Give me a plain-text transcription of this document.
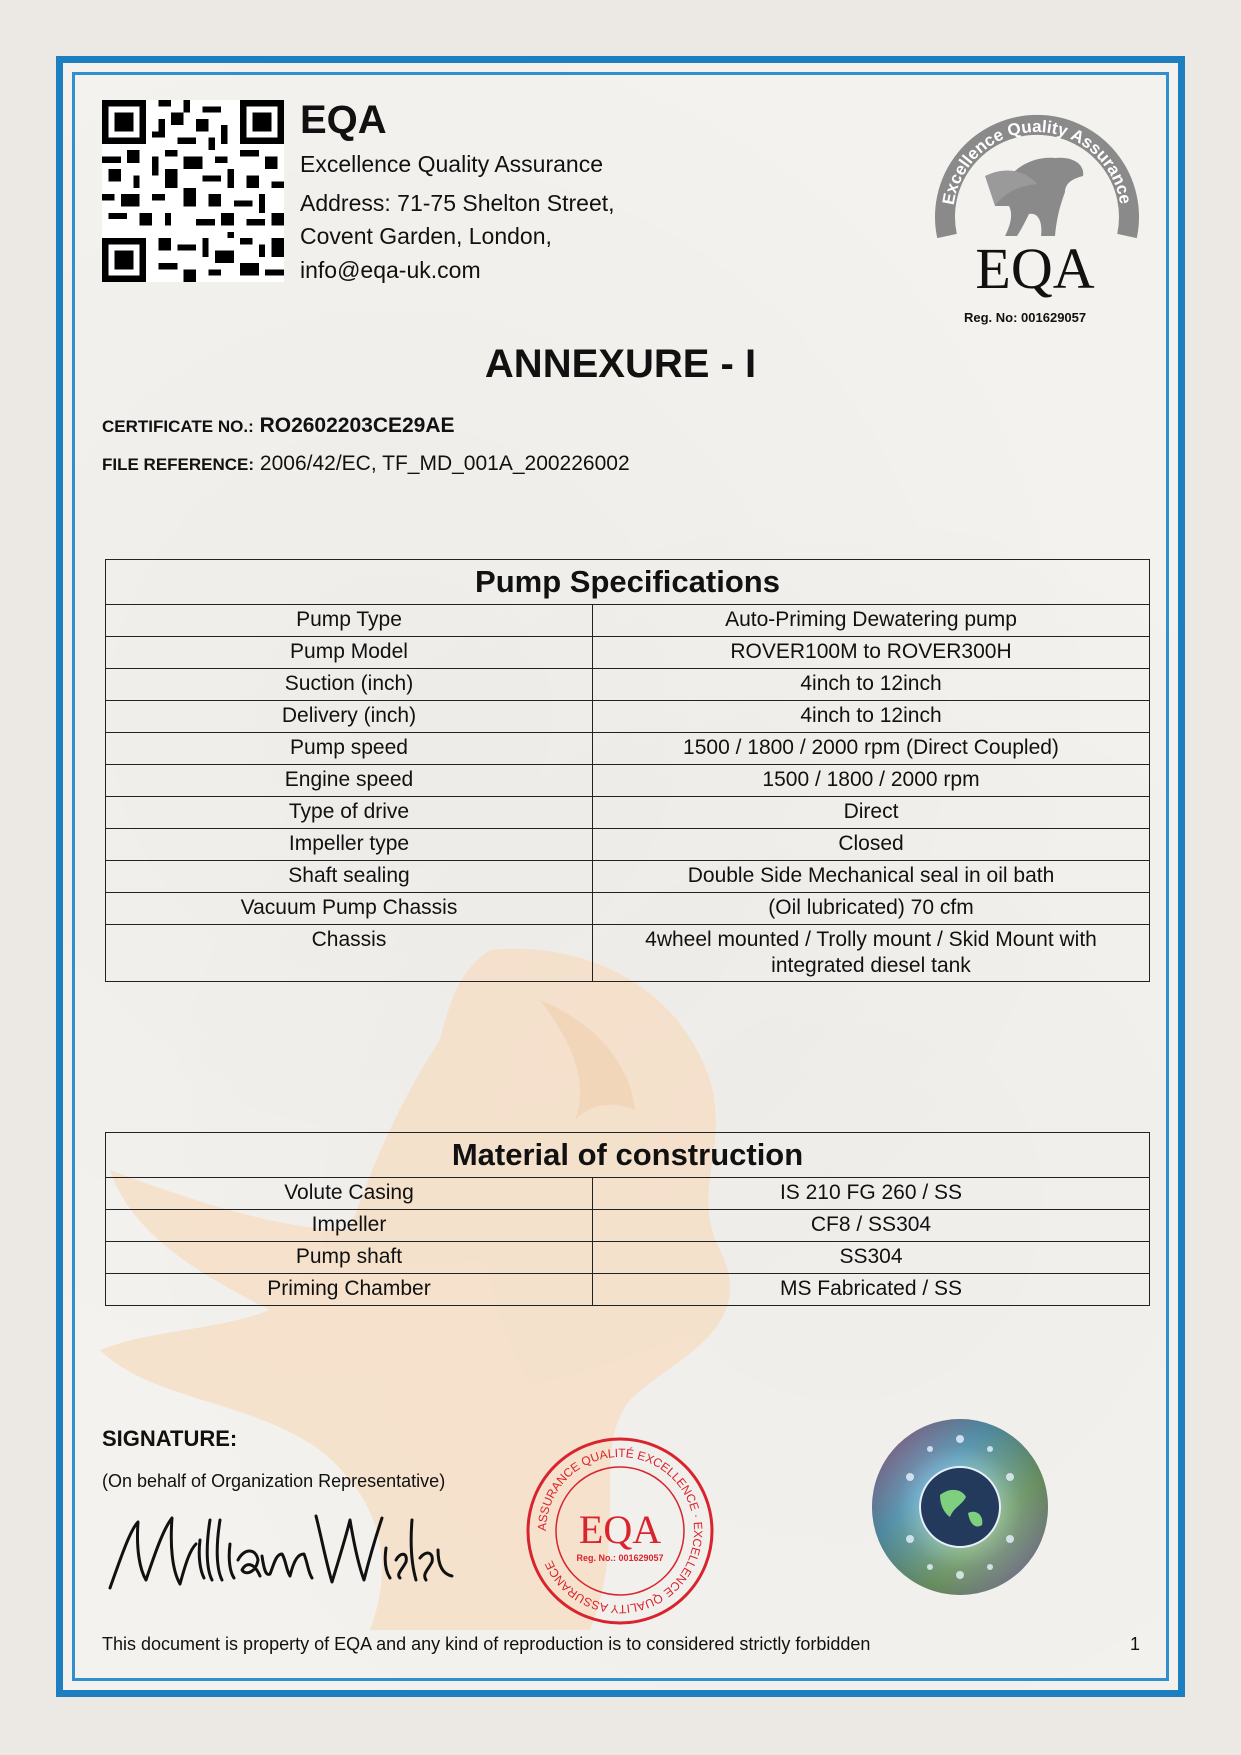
EQA

Excellence Quality Assurance

Address: 71-75 Shelton Street,

Covent Garden, London,

info@eqa-uk.com

Excellence Quality Assurance
EQA

Reg. No: 001629057

ANNEXURE - I

CERTIFICATE NO.: RO2602203CE29AE

FILE REFERENCE: 2006/42/EC, TF_MD_001A_200226002

Pump Specifications	
Pump Type	Auto-Priming Dewatering pump
Pump Model	ROVER100M to ROVER300H
Suction (inch)	4inch to 12inch
Delivery (inch)	4inch to 12inch
Pump speed	1500 / 1800 / 2000 rpm (Direct Coupled)
Engine speed	1500 / 1800 / 2000 rpm
Type of drive	Direct
Impeller type	Closed
Shaft sealing	Double Side Mechanical seal in oil bath
Vacuum Pump Chassis	(Oil lubricated) 70 cfm
Chassis	4wheel mounted / Trolly mount / Skid Mount with integrated diesel tank
Material of construction	
Volute Casing	IS 210 FG 260 / SS
Impeller	CF8 / SS304
Pump shaft	SS304
Priming Chamber	MS Fabricated / SS

SIGNATURE:

(On behalf of Organization Representative)

ASSURANCE QUALITÉ EXCELLENCE · EXCELLENCE QUALITY ASSURANCE
EQA
Reg. No.: 001629057

This document is property of EQA and any kind of reproduction is to considered strictly forbidden	1
